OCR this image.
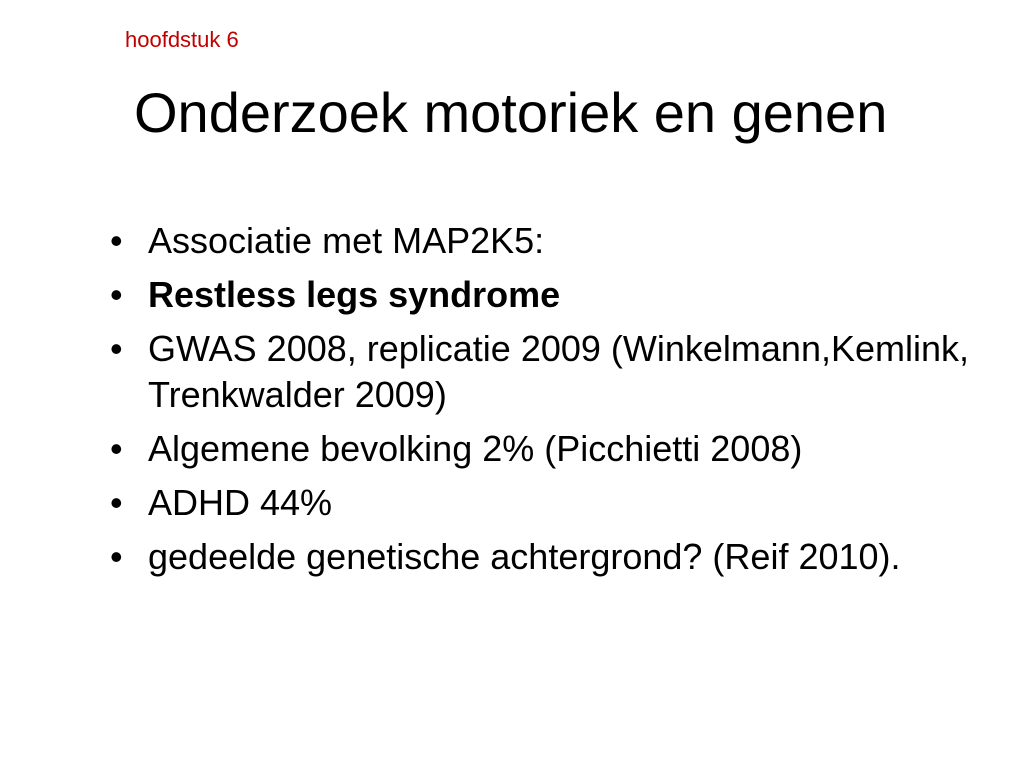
hoofdstuk 6
Onderzoek motoriek en genen
• Associatie met MAP2K5:
• Restless legs syndrome
• GWAS 2008, replicatie 2009 (Winkelmann,Kemlink, Trenkwalder 2009)
• Algemene bevolking 2% (Picchietti 2008)
• ADHD 44%
• gedeelde genetische achtergrond? (Reif 2010).
